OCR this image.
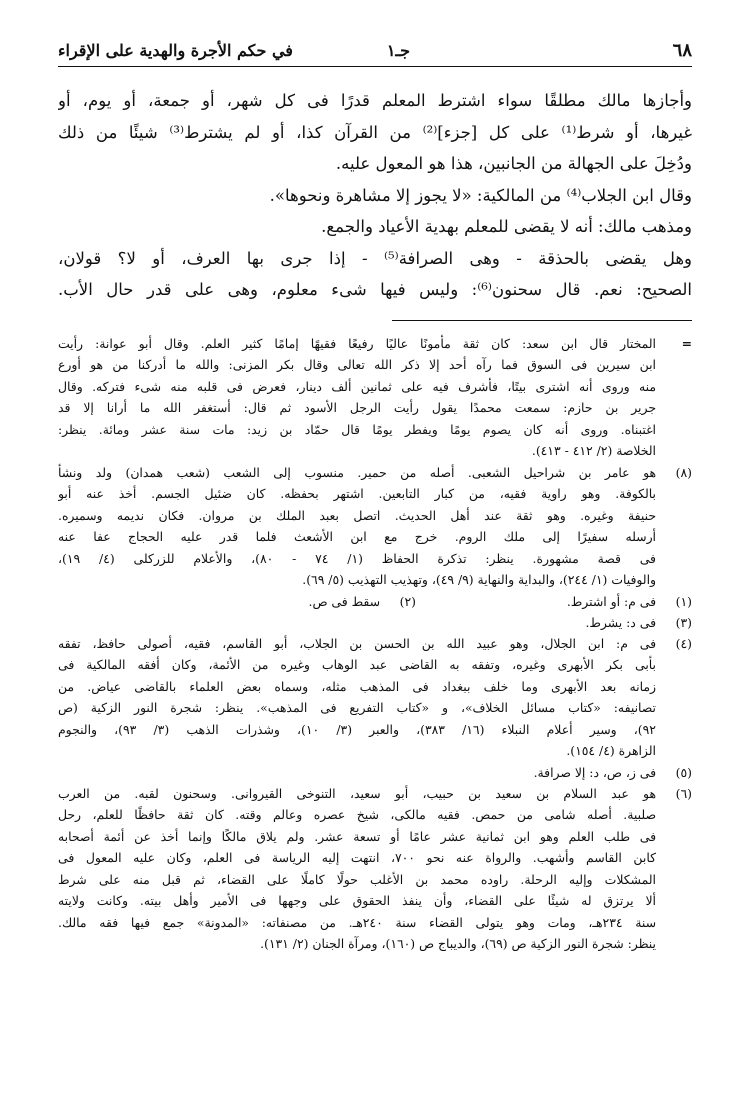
٦٨
جـ١
في حكم الأجرة والهدية على الإقراء

وأجازها مالك مطلقًا سواء اشترط المعلم قدرًا فى كل شهر، أو جمعة، أو يوم، أو

غيرها، أو شرط⁽¹⁾ على كل [جزء]⁽²⁾ من القرآن كذا، أو لم يشترط⁽³⁾ شيئًا من ذلك

ودُخِلَ على الجهالة من الجانبين، هذا هو المعول عليه.

وقال ابن الجلاب⁽⁴⁾ من المالكية: «لا يجوز إلا مشاهرة ونحوها».

ومذهب مالك: أنه لا يقضى للمعلم بهدية الأعياد والجمع.

وهل يقضى بالحذقة - وهى الصرافة⁽⁵⁾ - إذا جرى بها العرف، أو لا؟ قولان،

الصحيح: نعم. قال سحنون⁽⁶⁾: وليس فيها شىء معلوم، وهى على قدر حال الأب.

=
المختار قال ابن سعد: كان ثقة مأمونًا عاليًا رفيعًا فقيهًا إمامًا كثير العلم. وقال أبو عوانة: رأيت
ابن سيرين فى السوق فما رآه أحد إلا ذكر الله تعالى وقال بكر المزنى: والله ما أدركنا من هو أورع
منه وروى أنه اشترى بيتًا، فأشرف فيه على ثمانين ألف دينار، فعرض فى قلبه منه شىء فتركه. وقال
جرير بن حازم: سمعت محمدًا يقول رأيت الرجل الأسود ثم قال: أستغفر الله ما أرانا إلا قد
اغتبناه. وروى أنه كان يصوم يومًا ويفطر يومًا قال حمّاد بن زيد: مات سنة عشر ومائة. ينظر:
الخلاصة (٢/ ٤١٢ - ٤١٣).
(٨)
هو عامر بن شراحيل الشعبى. أصله من حمير. منسوب إلى الشعب (شعب همدان) ولد ونشأ
بالكوفة. وهو راوية فقيه، من كبار التابعين. اشتهر بحفظه. كان ضئيل الجسم. أخذ عنه أبو
حنيفة وغيره. وهو ثقة عند أهل الحديث. اتصل بعبد الملك بن مروان. فكان نديمه وسميره.
أرسله سفيرًا إلى ملك الروم. خرج مع ابن الأشعث فلما قدر عليه الحجاج عفا عنه
فى قصة مشهورة. ينظر: تذكرة الحفاظ (١/ ٧٤ - ٨٠)، والأعلام للزركلى (٤/ ١٩)،
والوفيات (١/ ٢٤٤)، والبداية والنهاية (٩/ ٤٩)، وتهذيب التهذيب (٥/ ٦٩).
(١)
فى م: أو اشترط.
(٢)
سقط فى ص.
(٣)
فى د: يشرط.
(٤)
فى م: ابن الجلال، وهو عبيد الله بن الحسن بن الجلاب، أبو القاسم، فقيه، أصولى حافظ، تفقه
بأبى بكر الأبهرى وغيره، وتفقه به القاضى عبد الوهاب وغيره من الأئمة، وكان أفقه المالكية فى
زمانه بعد الأبهرى وما خلف ببغداد فى المذهب مثله، وسماه بعض العلماء بالقاضى عياض. من
تصانيفه: «كتاب مسائل الخلاف»، و «كتاب التفريع فى المذهب». ينظر: شجرة النور الزكية (ص
٩٢)، وسير أعلام النبلاء (١٦/ ٣٨٣)، والعبر (٣/ ١٠)، وشذرات الذهب (٣/ ٩٣)، والنجوم
الزاهرة (٤/ ١٥٤).
(٥)
فى ز، ص، د: إلا صرافة.
(٦)
هو عبد السلام بن سعيد بن حبيب، أبو سعيد، التنوخى القيروانى. وسحنون لقبه. من العرب
صلبية. أصله شامى من حمص. فقيه مالكى، شيخ عصره وعالم وقته. كان ثقة حافظًا للعلم، رحل
فى طلب العلم وهو ابن ثمانية عشر عامًا أو تسعة عشر. ولم يلاق مالكًا وإنما أخذ عن أئمة أصحابه
كابن القاسم وأشهب. والرواة عنه نحو ٧٠٠، انتهت إليه الرياسة فى العلم، وكان عليه المعول فى
المشكلات وإليه الرحلة. راوده محمد بن الأغلب حولًا كاملًا على القضاء، ثم قبل منه على شرط
ألا يرتزق له شيئًا على القضاء، وأن ينفذ الحقوق على وجهها فى الأمير وأهل بيته. وكانت ولايته
سنة ٢٣٤هـ، ومات وهو يتولى القضاء سنة ٢٤٠هـ. من مصنفاته: «المدونة» جمع فيها فقه مالك.
ينظر: شجرة النور الزكية ص (٦٩)، والديباج ص (١٦٠)، ومرآة الجنان (٢/ ١٣١).
